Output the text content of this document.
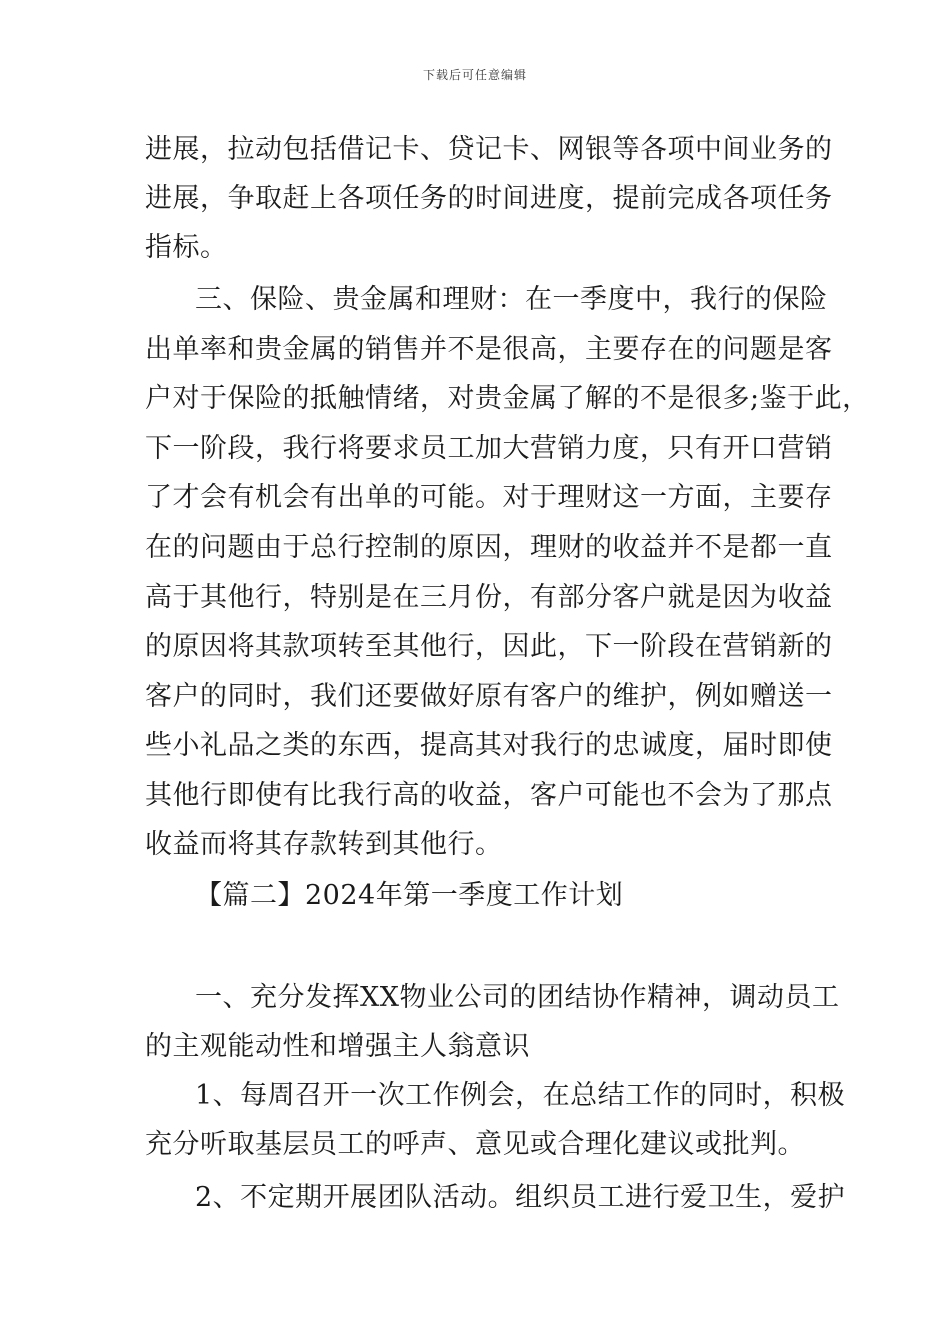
下载后可任意编辑
进展，拉动包括借记卡、贷记卡、网银等各项中间业务的
进展，争取赶上各项任务的时间进度，提前完成各项任务
指标。
三、保险、贵金属和理财：在一季度中，我行的保险
出单率和贵金属的销售并不是很高，主要存在的问题是客
户对于保险的抵触情绪，对贵金属了解的不是很多;鉴于此，
下一阶段，我行将要求员工加大营销力度，只有开口营销
了才会有机会有出单的可能。对于理财这一方面，主要存
在的问题由于总行控制的原因，理财的收益并不是都一直
高于其他行，特别是在三月份，有部分客户就是因为收益
的原因将其款项转至其他行，因此，下一阶段在营销新的
客户的同时，我们还要做好原有客户的维护，例如赠送一
些小礼品之类的东西，提高其对我行的忠诚度，届时即使
其他行即使有比我行高的收益，客户可能也不会为了那点
收益而将其存款转到其他行。
【篇二】2024年第一季度工作计划
一、充分发挥XX物业公司的团结协作精神，调动员工
的主观能动性和增强主人翁意识
1、每周召开一次工作例会，在总结工作的同时，积极
充分听取基层员工的呼声、意见或合理化建议或批判。
2、不定期开展团队活动。组织员工进行爱卫生，爱护
